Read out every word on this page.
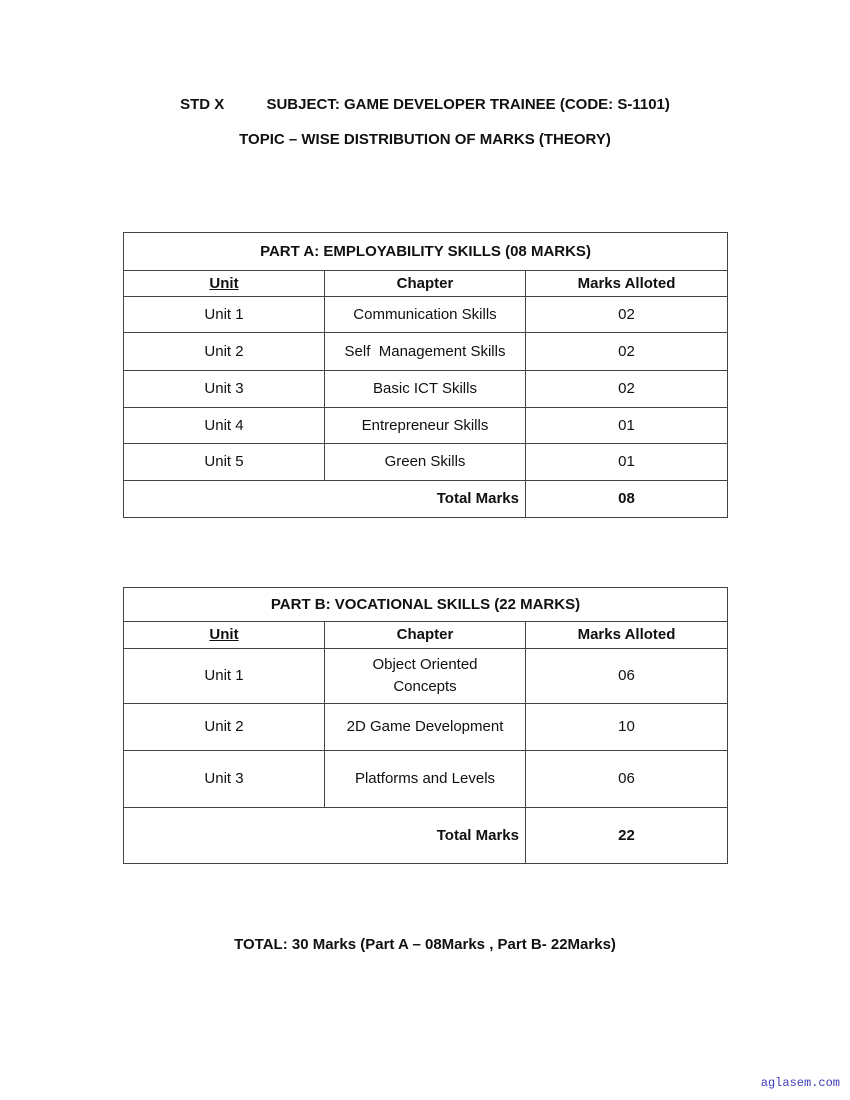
STD X	SUBJECT: GAME DEVELOPER TRAINEE (CODE: S-1101)
TOPIC – WISE DISTRIBUTION OF MARKS (THEORY)
PART A: EMPLOYABILITY SKILLS (08 MARKS)		
Unit	Chapter	Marks Alloted
Unit 1	Communication Skills	02
Unit 2	Self  Management Skills	02
Unit 3	Basic ICT Skills	02
Unit 4	Entrepreneur Skills	01
Unit 5	Green Skills	01
Total Marks		08
PART B: VOCATIONAL SKILLS (22 MARKS)		
Unit	Chapter	Marks Alloted
Unit 1	Object Oriented Concepts	06
Unit 2	2D Game Development	10
Unit 3	Platforms and Levels	06
Total Marks		22
TOTAL: 30 Marks (Part A – 08Marks , Part B- 22Marks)
aglasem.com
